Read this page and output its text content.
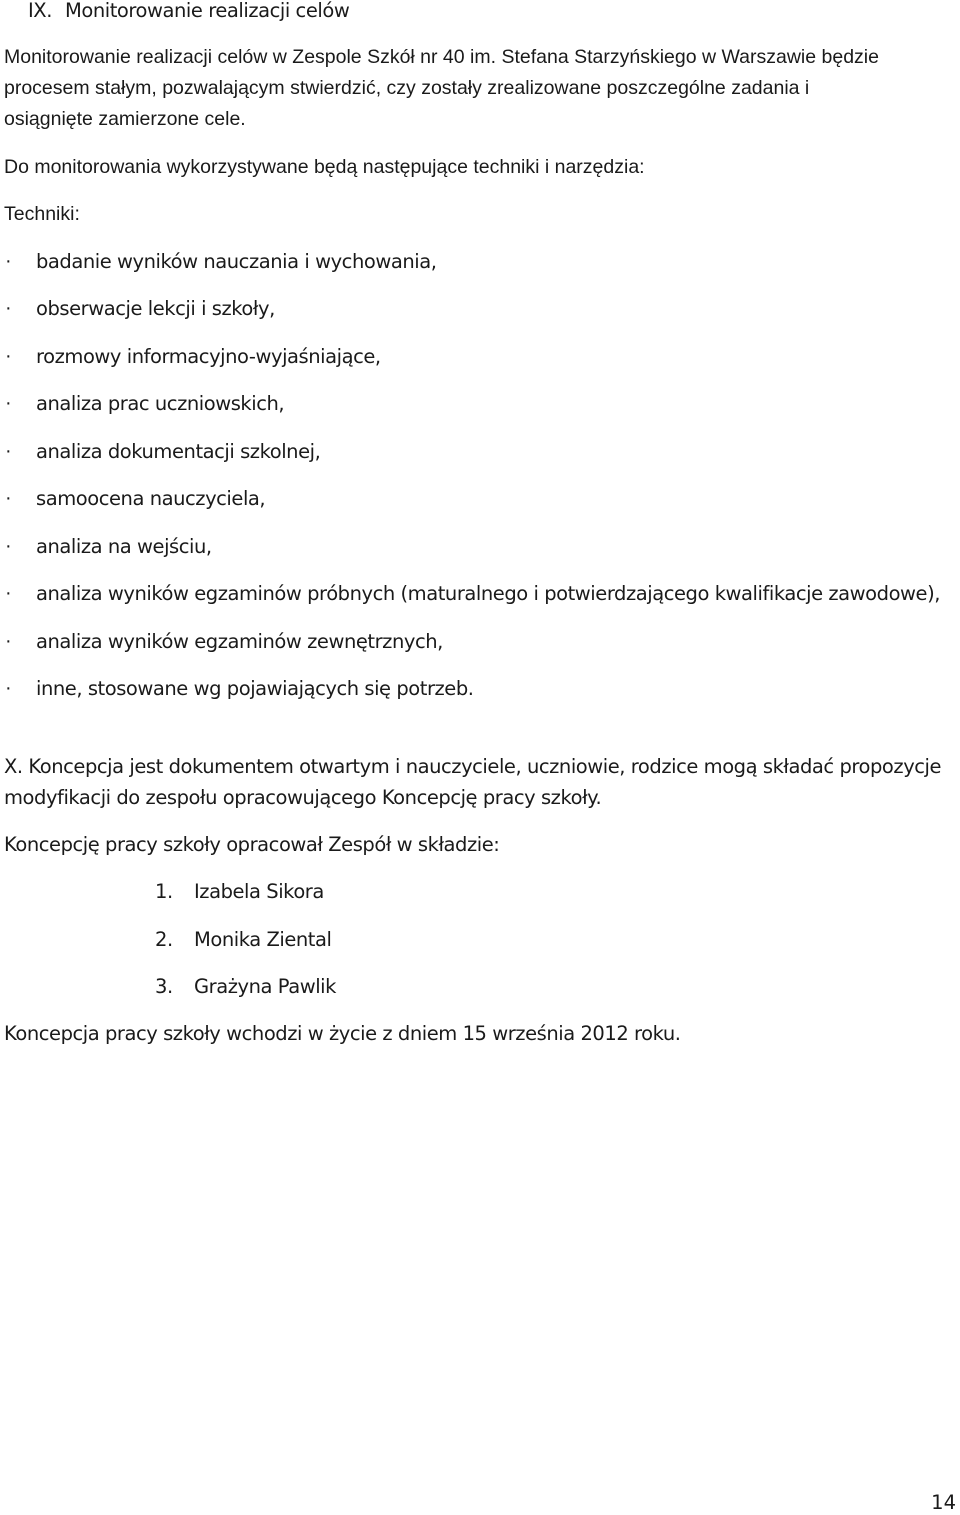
IX. Monitorowanie realizacji celów
Monitorowanie realizacji celów w Zespole Szkół nr 40 im. Stefana Starzyńskiego w Warszawie będzie
procesem stałym, pozwalającym stwierdzić, czy zostały zrealizowane poszczególne zadania i
osiągnięte zamierzone cele.
Do monitorowania wykorzystywane będą następujące techniki i narzędzia:
Techniki:
· badanie wyników nauczania i wychowania,
· obserwacje lekcji i szkoły,
· rozmowy informacyjno-wyjaśniające,
· analiza prac uczniowskich,
· analiza dokumentacji szkolnej,
· samoocena nauczyciela,
· analiza na wejściu,
· analiza wyników egzaminów próbnych (maturalnego i potwierdzającego kwalifikacje zawodowe),
· analiza wyników egzaminów zewnętrznych,
· inne, stosowane wg pojawiających się potrzeb.
X. Koncepcja jest dokumentem otwartym i nauczyciele, uczniowie, rodzice mogą składać propozycje
modyfikacji do zespołu opracowującego Koncepcję pracy szkoły.
Koncepcję pracy szkoły opracował Zespół w składzie:
1. Izabela Sikora
2. Monika Ziental
3. Grażyna Pawlik
Koncepcja pracy szkoły wchodzi w życie z dniem 15 września 2012 roku.
14
